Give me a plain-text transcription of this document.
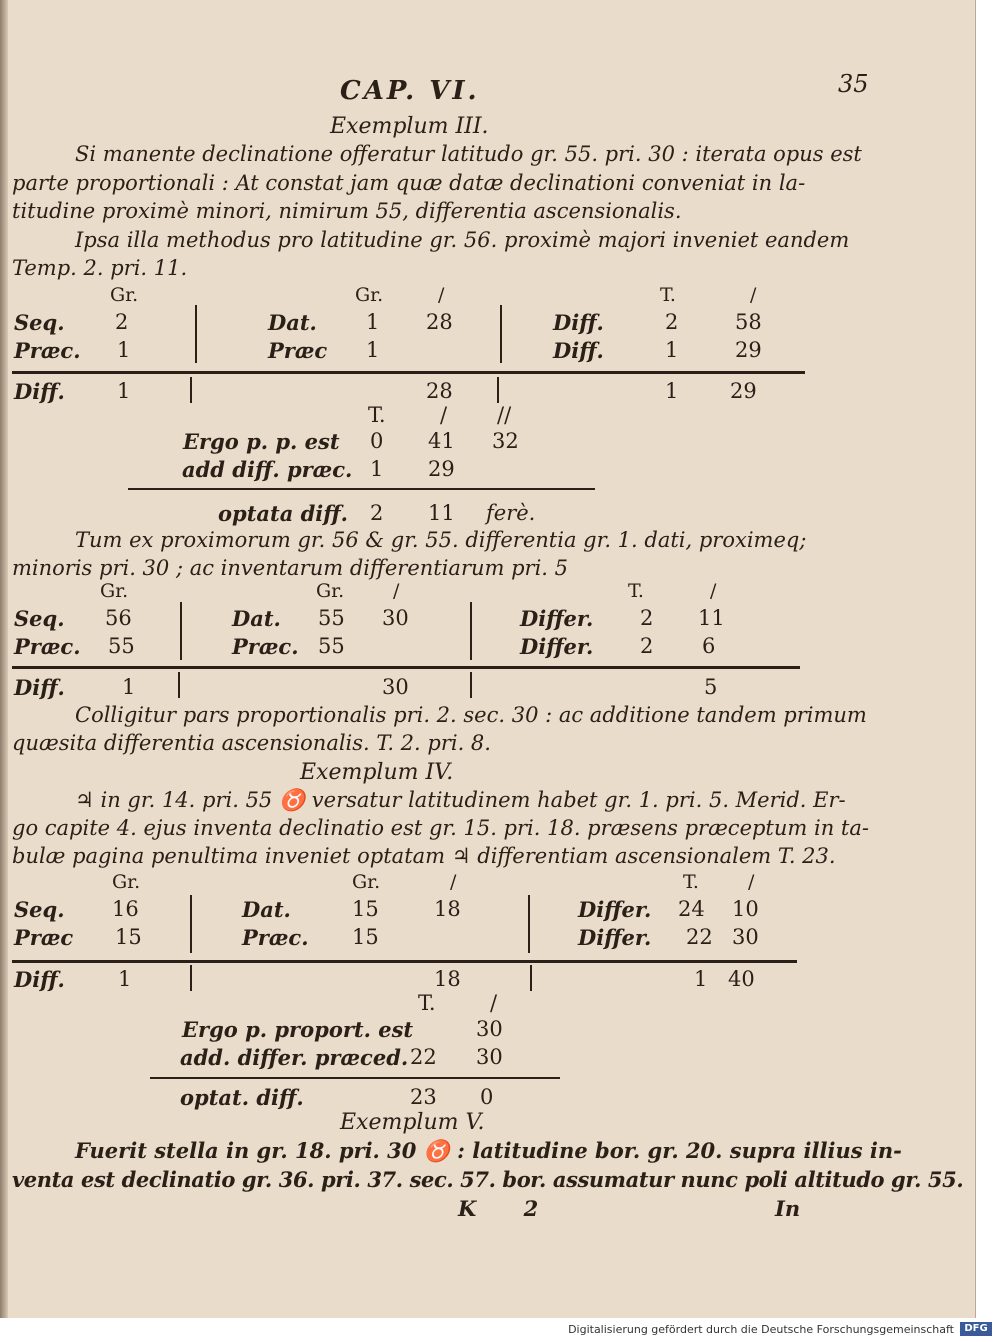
CAP. VI.	35
Exemplum III.
Si manente declinatione offeratur latitudo gr. 55. pri. 30 : iterata opus est
parte proportionali : At constat jam quæ datæ declinationi conveniat in la-
titudine proximè minori, nimirum 55, differentia ascensionalis.
Ipsa illa methodus pro latitudine gr. 56. proximè majori inveniet eandem
Temp. 2. pri. 11.
Gr.	Gr.	/	T.	/
Seq. 2	Dat. 1 28	Diff.	2	58
Præc. 1	Præc 1	Diff.	1	29
Diff. 1	28	1 29
T.	/ //
Ergo p. p. est 0 41 32
add diff. præc. 1 29
optata diff. 2 11 ferè.
Tum ex proximorum gr. 56 & gr. 55. differentia gr. 1. dati, proximeq;
minoris pri. 30 ; ac inventarum differentiarum pri. 5
Gr.	Gr.	/	T.	/
Seq. 56	Dat. 55 30	Differ. 2 11
Præc. 55	Præc. 55	Differ. 2 6
Diff.	1	30	5
Colligitur pars proportionalis pri. 2. sec. 30 : ac additione tandem primum
quæsita differentia ascensionalis. T. 2. pri. 8.
Exemplum IV.
♃ in gr. 14. pri. 55 ♉ versatur latitudinem habet gr. 1. pri. 5. Merid. Er-
go capite 4. ejus inventa declinatio est gr. 15. pri. 18. præsens præceptum in ta-
bulæ pagina penultima inveniet optatam ♃ differentiam ascensionalem T. 23.
Gr.	Gr.	/	T.	/
Seq. 16	Dat.	15	18	Differ. 24 10
Præc 15	Præc. 15	Differ. 22 30
Diff.	1	18	1 40
T.	/
Ergo p. proport. est	30
add. differ. præced. 22 30
optat. diff.	23 0
Exemplum V.
Fuerit stella in gr. 18. pri. 30 ♉ : latitudine bor. gr. 20. supra illius in-
venta est declinatio gr. 36. pri. 37. sec. 57. bor. assumatur nunc poli altitudo gr. 55.
K 2	In
Digitalisierung gefördert durch die Deutsche Forschungsgemeinschaft	DFG
